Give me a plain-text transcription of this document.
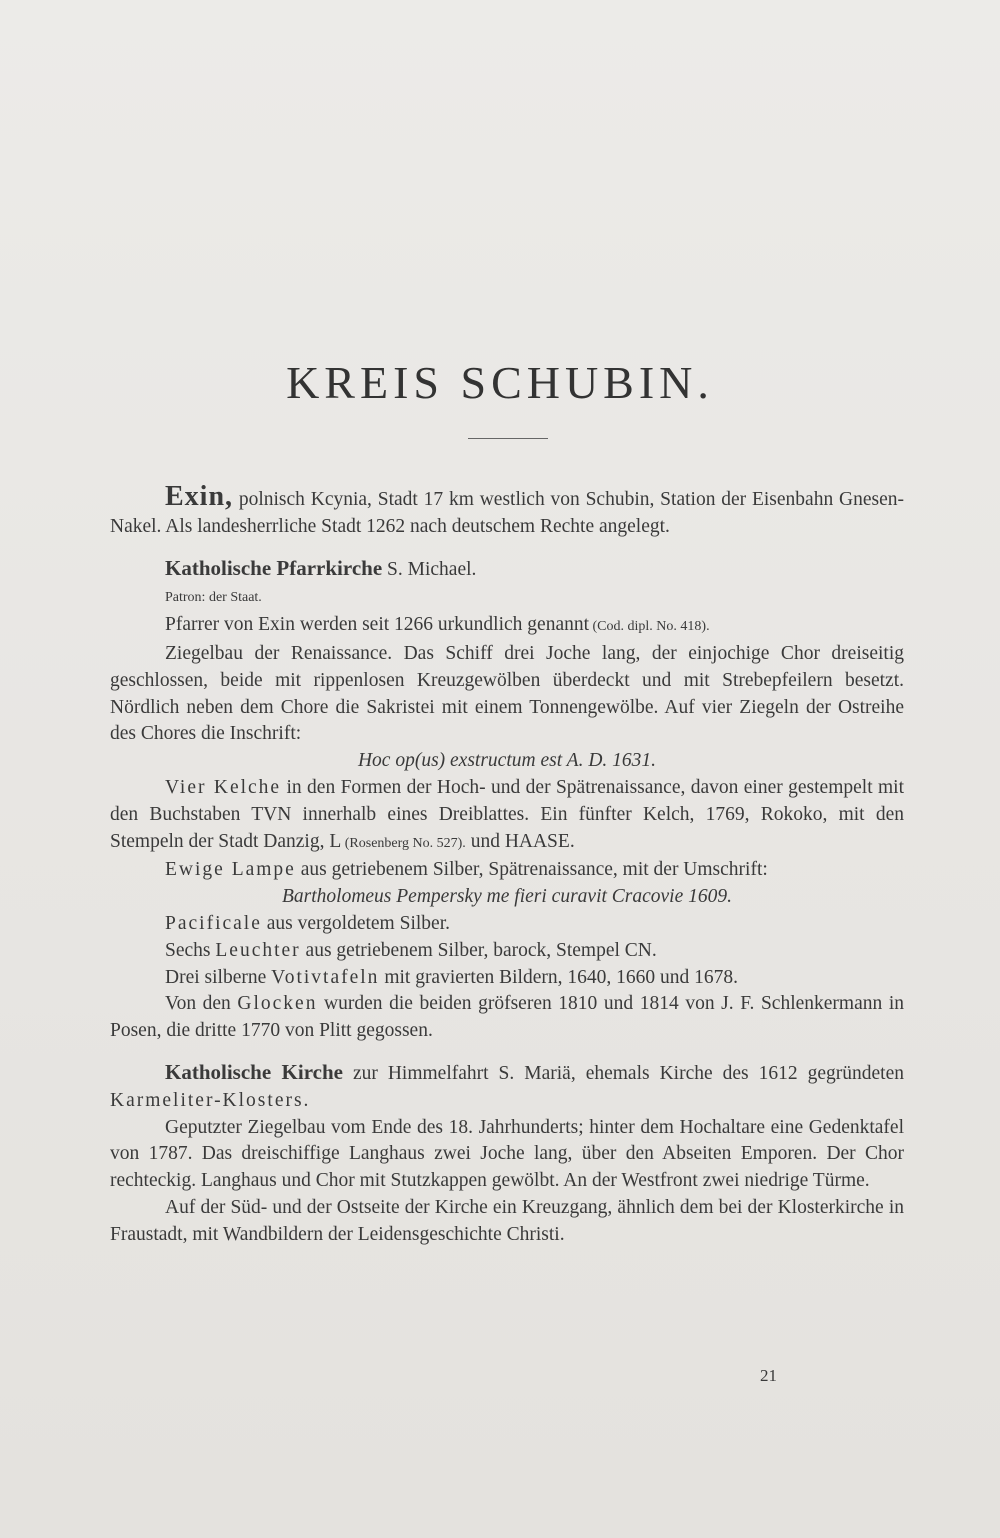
KREIS SCHUBIN.

Exin, polnisch Kcynia, Stadt 17 km westlich von Schubin, Station der Eisenbahn Gnesen-Nakel. Als landesherrliche Stadt 1262 nach deutschem Rechte angelegt.

Katholische Pfarrkirche S. Michael.

Patron: der Staat.

Pfarrer von Exin werden seit 1266 urkundlich genannt (Cod. dipl. No. 418).

Ziegelbau der Renaissance. Das Schiff drei Joche lang, der einjochige Chor dreiseitig geschlossen, beide mit rippenlosen Kreuzgewölben überdeckt und mit Strebepfeilern besetzt. Nördlich neben dem Chore die Sakristei mit einem Tonnengewölbe. Auf vier Ziegeln der Ostreihe des Chores die Inschrift:

Hoc op(us) exstructum est A. D. 1631.

Vier Kelche in den Formen der Hoch- und der Spätrenaissance, davon einer gestempelt mit den Buchstaben TVN innerhalb eines Dreiblattes. Ein fünfter Kelch, 1769, Rokoko, mit den Stempeln der Stadt Danzig, L (Rosenberg No. 527). und HAASE.

Ewige Lampe aus getriebenem Silber, Spätrenaissance, mit der Umschrift:

Bartholomeus Pempersky me fieri curavit Cracovie 1609.

Pacificale aus vergoldetem Silber.

Sechs Leuchter aus getriebenem Silber, barock, Stempel CN.

Drei silberne Votivtafeln mit gravierten Bildern, 1640, 1660 und 1678.

Von den Glocken wurden die beiden gröfseren 1810 und 1814 von J. F. Schlenkermann in Posen, die dritte 1770 von Plitt gegossen.

Katholische Kirche zur Himmelfahrt S. Mariä, ehemals Kirche des 1612 gegründeten Karmeliter-Klosters.

Geputzter Ziegelbau vom Ende des 18. Jahrhunderts; hinter dem Hochaltare eine Gedenktafel von 1787. Das dreischiffige Langhaus zwei Joche lang, über den Abseiten Emporen. Der Chor rechteckig. Langhaus und Chor mit Stutzkappen gewölbt. An der Westfront zwei niedrige Türme.

Auf der Süd- und der Ostseite der Kirche ein Kreuzgang, ähnlich dem bei der Klosterkirche in Fraustadt, mit Wandbildern der Leidensgeschichte Christi.

21
